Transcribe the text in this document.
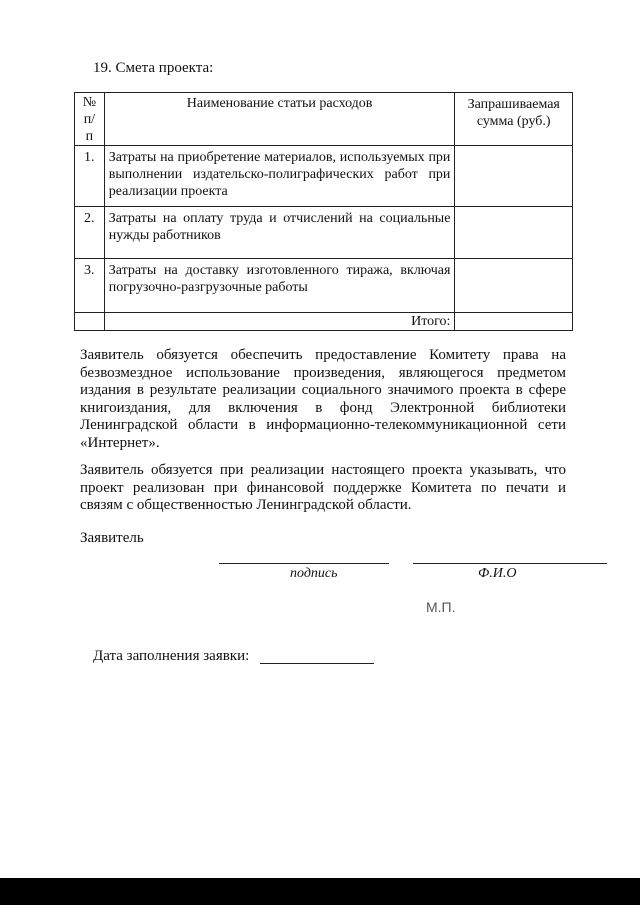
19. Смета проекта:
№
п/
п	Наименование статьи расходов	Запрашиваемая сумма (руб.)
1.	Затраты на приобретение материалов, используемых при выполнении издательско-полиграфических работ при реализации проекта	
2.	Затраты на оплату труда и отчислений на социальные нужды работников	
3.	Затраты на доставку изготовленного тиража, включая погрузочно-разгрузочные работы	
	Итого:	
Заявитель обязуется обеспечить предоставление Комитету права на безвозмездное использование произведения, являющегося предметом издания в результате реализации социального значимого проекта в сфере книгоиздания, для включения в фонд Электронной библиотеки Ленинградской области в информационно-телекоммуникационной сети «Интернет».
Заявитель обязуется при реализации настоящего проекта указывать, что проект реализован при финансовой поддержке Комитета по печати и связям с общественностью Ленинградской области.
Заявитель
подпись	Ф.И.О
М.П.
Дата заполнения заявки:
